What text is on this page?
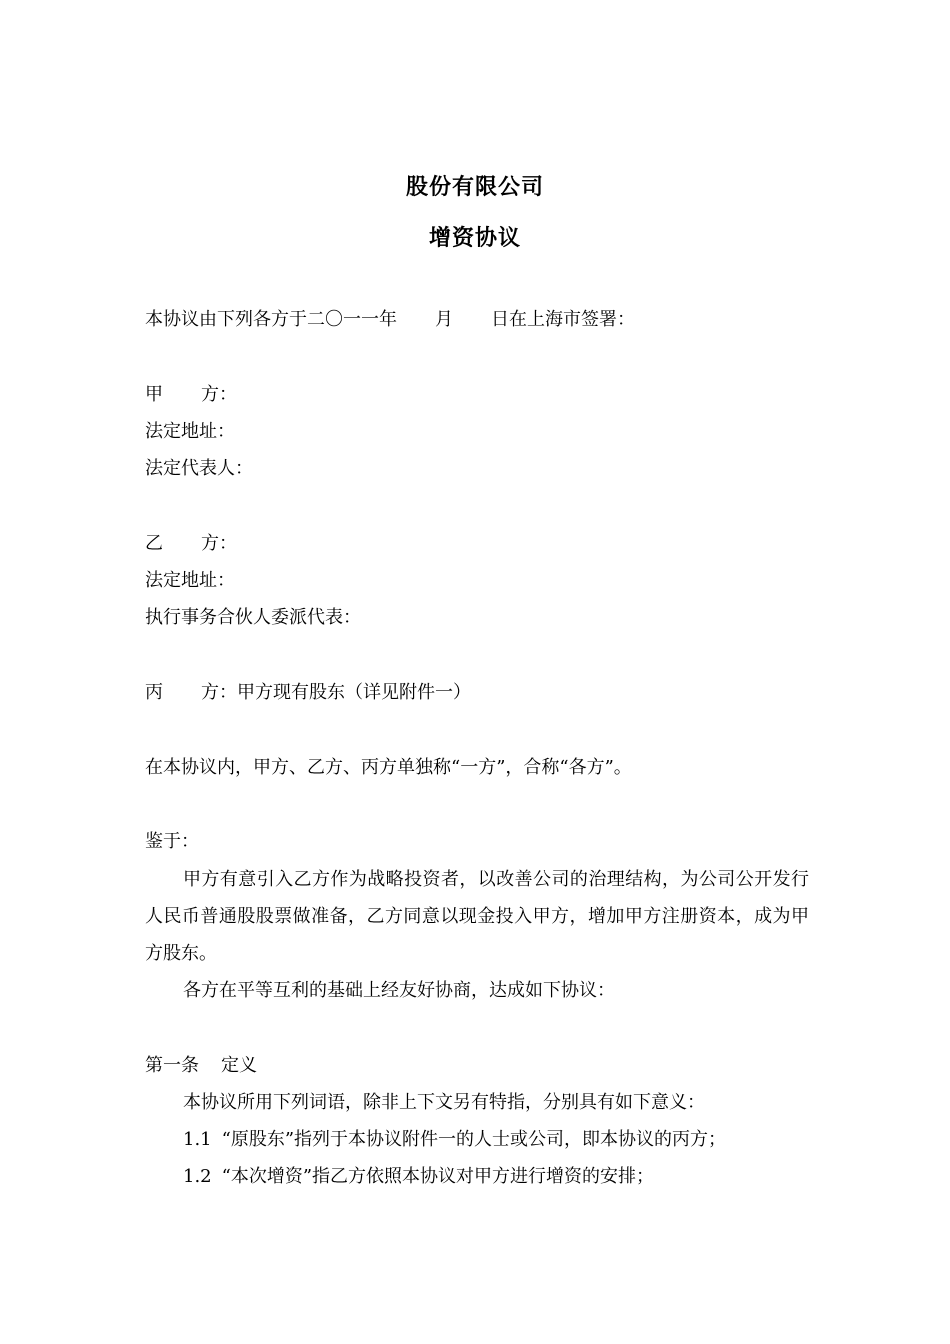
股份有限公司
增资协议
本协议由下列各方于二〇一一年 月 日在上海市签署：
甲 方：
法定地址：
法定代表人：
乙 方：
法定地址：
执行事务合伙人委派代表：
丙 方：甲方现有股东（详见附件一）
在本协议内，甲方、乙方、丙方单独称“一方”，合称“各方”。
鉴于：
甲方有意引入乙方作为战略投资者，以改善公司的治理结构，为公司公开发行人民币普通股股票做准备，乙方同意以现金投入甲方，增加甲方注册资本，成为甲方股东。
各方在平等互利的基础上经友好协商，达成如下协议：
第一条 定义
本协议所用下列词语，除非上下文另有特指，分别具有如下意义：
1.1 “原股东”指列于本协议附件一的人士或公司，即本协议的丙方；
1.2 “本次增资”指乙方依照本协议对甲方进行增资的安排；
